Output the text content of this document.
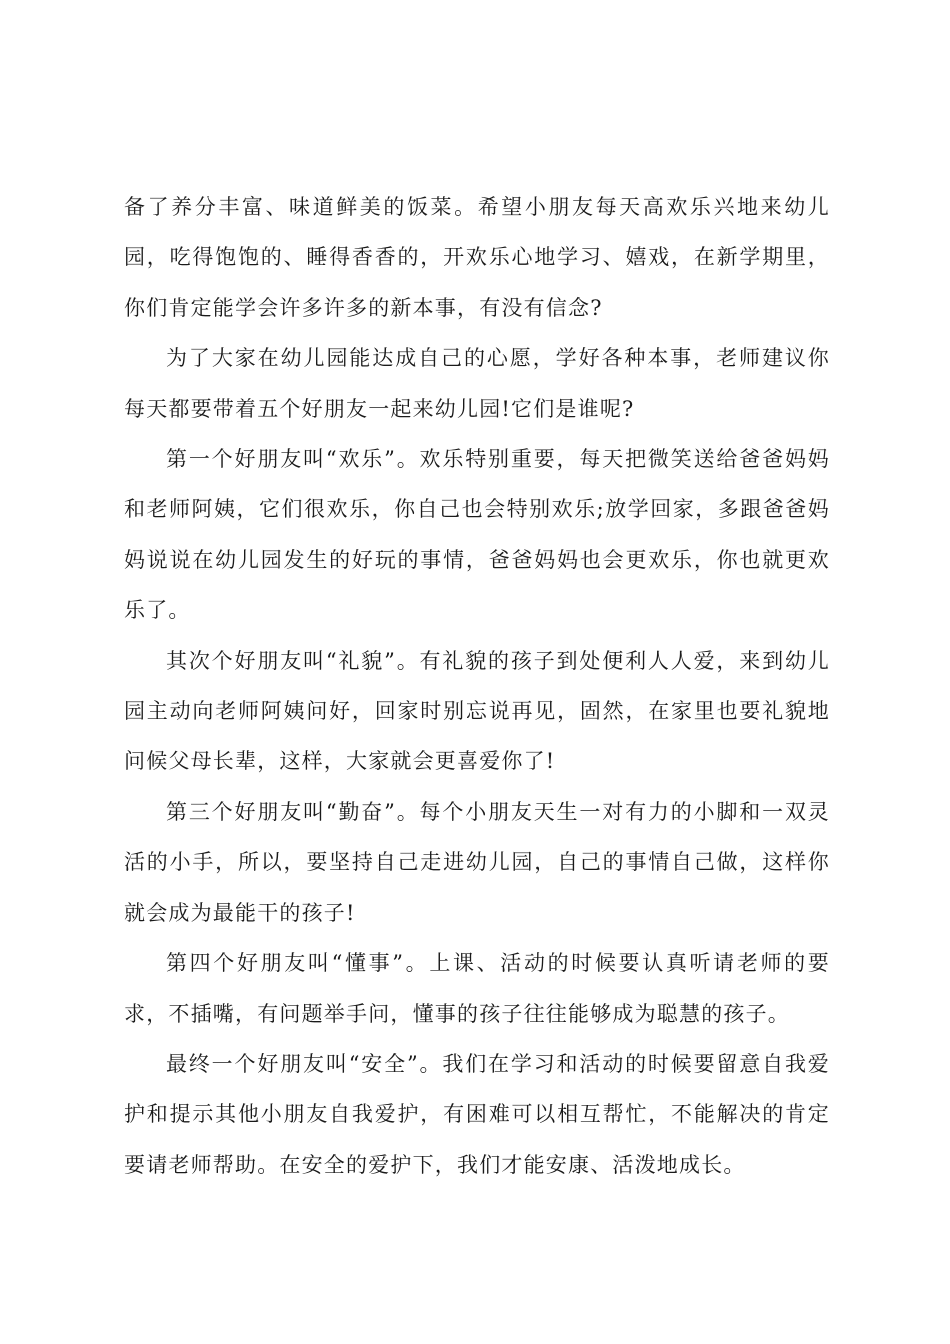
备了养分丰富、味道鲜美的饭菜。希望小朋友每天高欢乐兴地来幼儿园，吃得饱饱的、睡得香香的，开欢乐心地学习、嬉戏，在新学期里，你们肯定能学会许多许多的新本事，有没有信念?

为了大家在幼儿园能达成自己的心愿，学好各种本事，老师建议你每天都要带着五个好朋友一起来幼儿园!它们是谁呢?

第一个好朋友叫“欢乐”。欢乐特别重要，每天把微笑送给爸爸妈妈和老师阿姨，它们很欢乐，你自己也会特别欢乐;放学回家，多跟爸爸妈妈说说在幼儿园发生的好玩的事情，爸爸妈妈也会更欢乐，你也就更欢乐了。

其次个好朋友叫“礼貌”。有礼貌的孩子到处便利人人爱，来到幼儿园主动向老师阿姨问好，回家时别忘说再见，固然，在家里也要礼貌地问候父母长辈，这样，大家就会更喜爱你了!

第三个好朋友叫“勤奋”。每个小朋友天生一对有力的小脚和一双灵活的小手，所以，要坚持自己走进幼儿园，自己的事情自己做，这样你就会成为最能干的孩子!

第四个好朋友叫“懂事”。上课、活动的时候要认真听请老师的要求，不插嘴，有问题举手问，懂事的孩子往往能够成为聪慧的孩子。

最终一个好朋友叫“安全”。我们在学习和活动的时候要留意自我爱护和提示其他小朋友自我爱护，有困难可以相互帮忙，不能解决的肯定要请老师帮助。在安全的爱护下，我们才能安康、活泼地成长。
